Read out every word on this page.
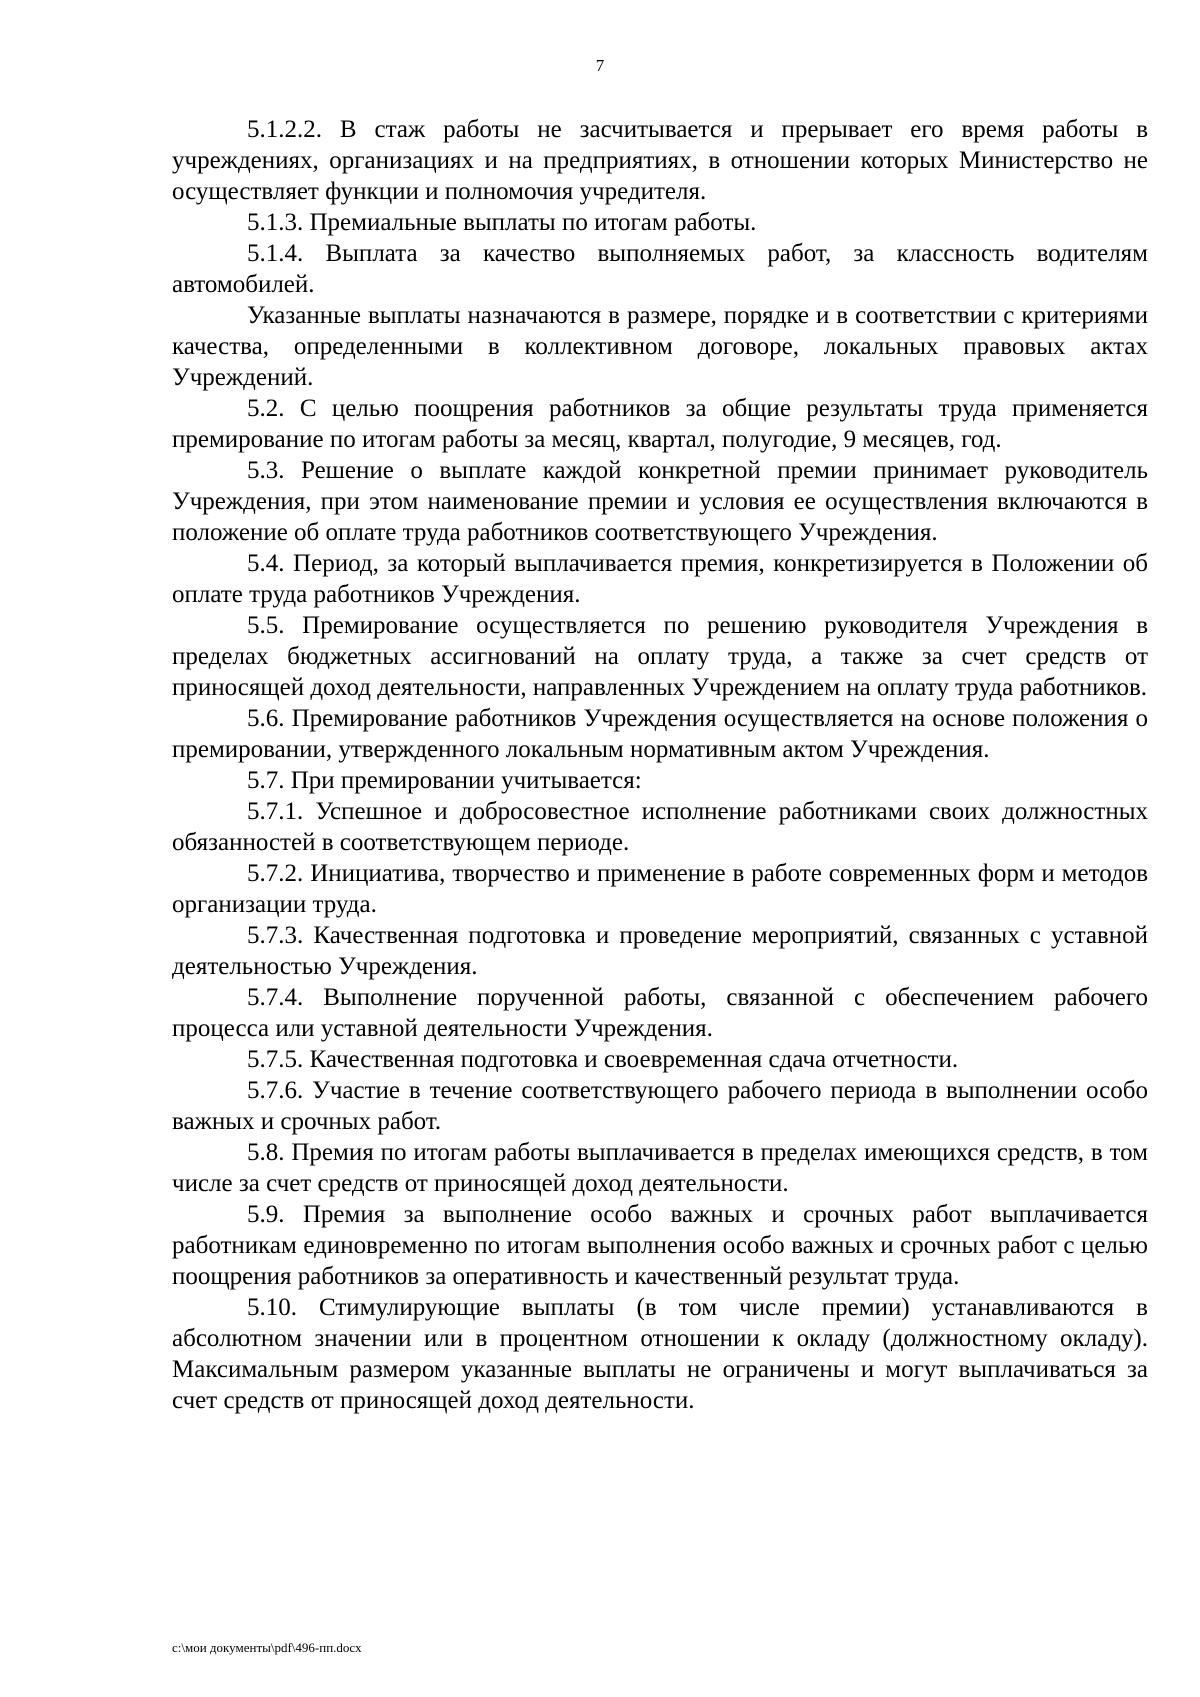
7

5.1.2.2. В стаж работы не засчитывается и прерывает его время работы в учреждениях, организациях и на предприятиях, в отношении которых Министерство не осуществляет функции и полномочия учредителя.

5.1.3. Премиальные выплаты по итогам работы.

5.1.4. Выплата за качество выполняемых работ, за классность водителям автомобилей.

Указанные выплаты назначаются в размере, порядке и в соответствии с критериями качества, определенными в коллективном договоре, локальных правовых актах Учреждений.

5.2. С целью поощрения работников за общие результаты труда применяется премирование по итогам работы за месяц, квартал, полугодие, 9 месяцев, год.

5.3. Решение о выплате каждой конкретной премии принимает руководитель Учреждения, при этом наименование премии и условия ее осуществления включаются в положение об оплате труда работников соответствующего Учреждения.

5.4. Период, за который выплачивается премия, конкретизируется в Положении об оплате труда работников Учреждения.

5.5. Премирование осуществляется по решению руководителя Учреждения в пределах бюджетных ассигнований на оплату труда, а также за счет средств от приносящей доход деятельности, направленных Учреждением на оплату труда работников.

5.6. Премирование работников Учреждения осуществляется на основе положения о премировании, утвержденного локальным нормативным актом Учреждения.

5.7. При премировании учитывается:

5.7.1. Успешное и добросовестное исполнение работниками своих должностных обязанностей в соответствующем периоде.

5.7.2. Инициатива, творчество и применение в работе современных форм и методов организации труда.

5.7.3. Качественная подготовка и проведение мероприятий, связанных с уставной деятельностью Учреждения.

5.7.4. Выполнение порученной работы, связанной с обеспечением рабочего процесса или уставной деятельности Учреждения.

5.7.5. Качественная подготовка и своевременная сдача отчетности.

5.7.6. Участие в течение соответствующего рабочего периода в выполнении особо важных и срочных работ.

5.8. Премия по итогам работы выплачивается в пределах имеющихся средств, в том числе за счет средств от приносящей доход деятельности.

5.9. Премия за выполнение особо важных и срочных работ выплачивается работникам единовременно по итогам выполнения особо важных и срочных работ с целью поощрения работников за оперативность и качественный результат труда.

5.10. Стимулирующие выплаты (в том числе премии) устанавливаются в абсолютном значении или в процентном отношении к окладу (должностному окладу). Максимальным размером указанные выплаты не ограничены и могут выплачиваться за счет средств от приносящей доход деятельности.

c:\мои документы\pdf\496-пп.docx
